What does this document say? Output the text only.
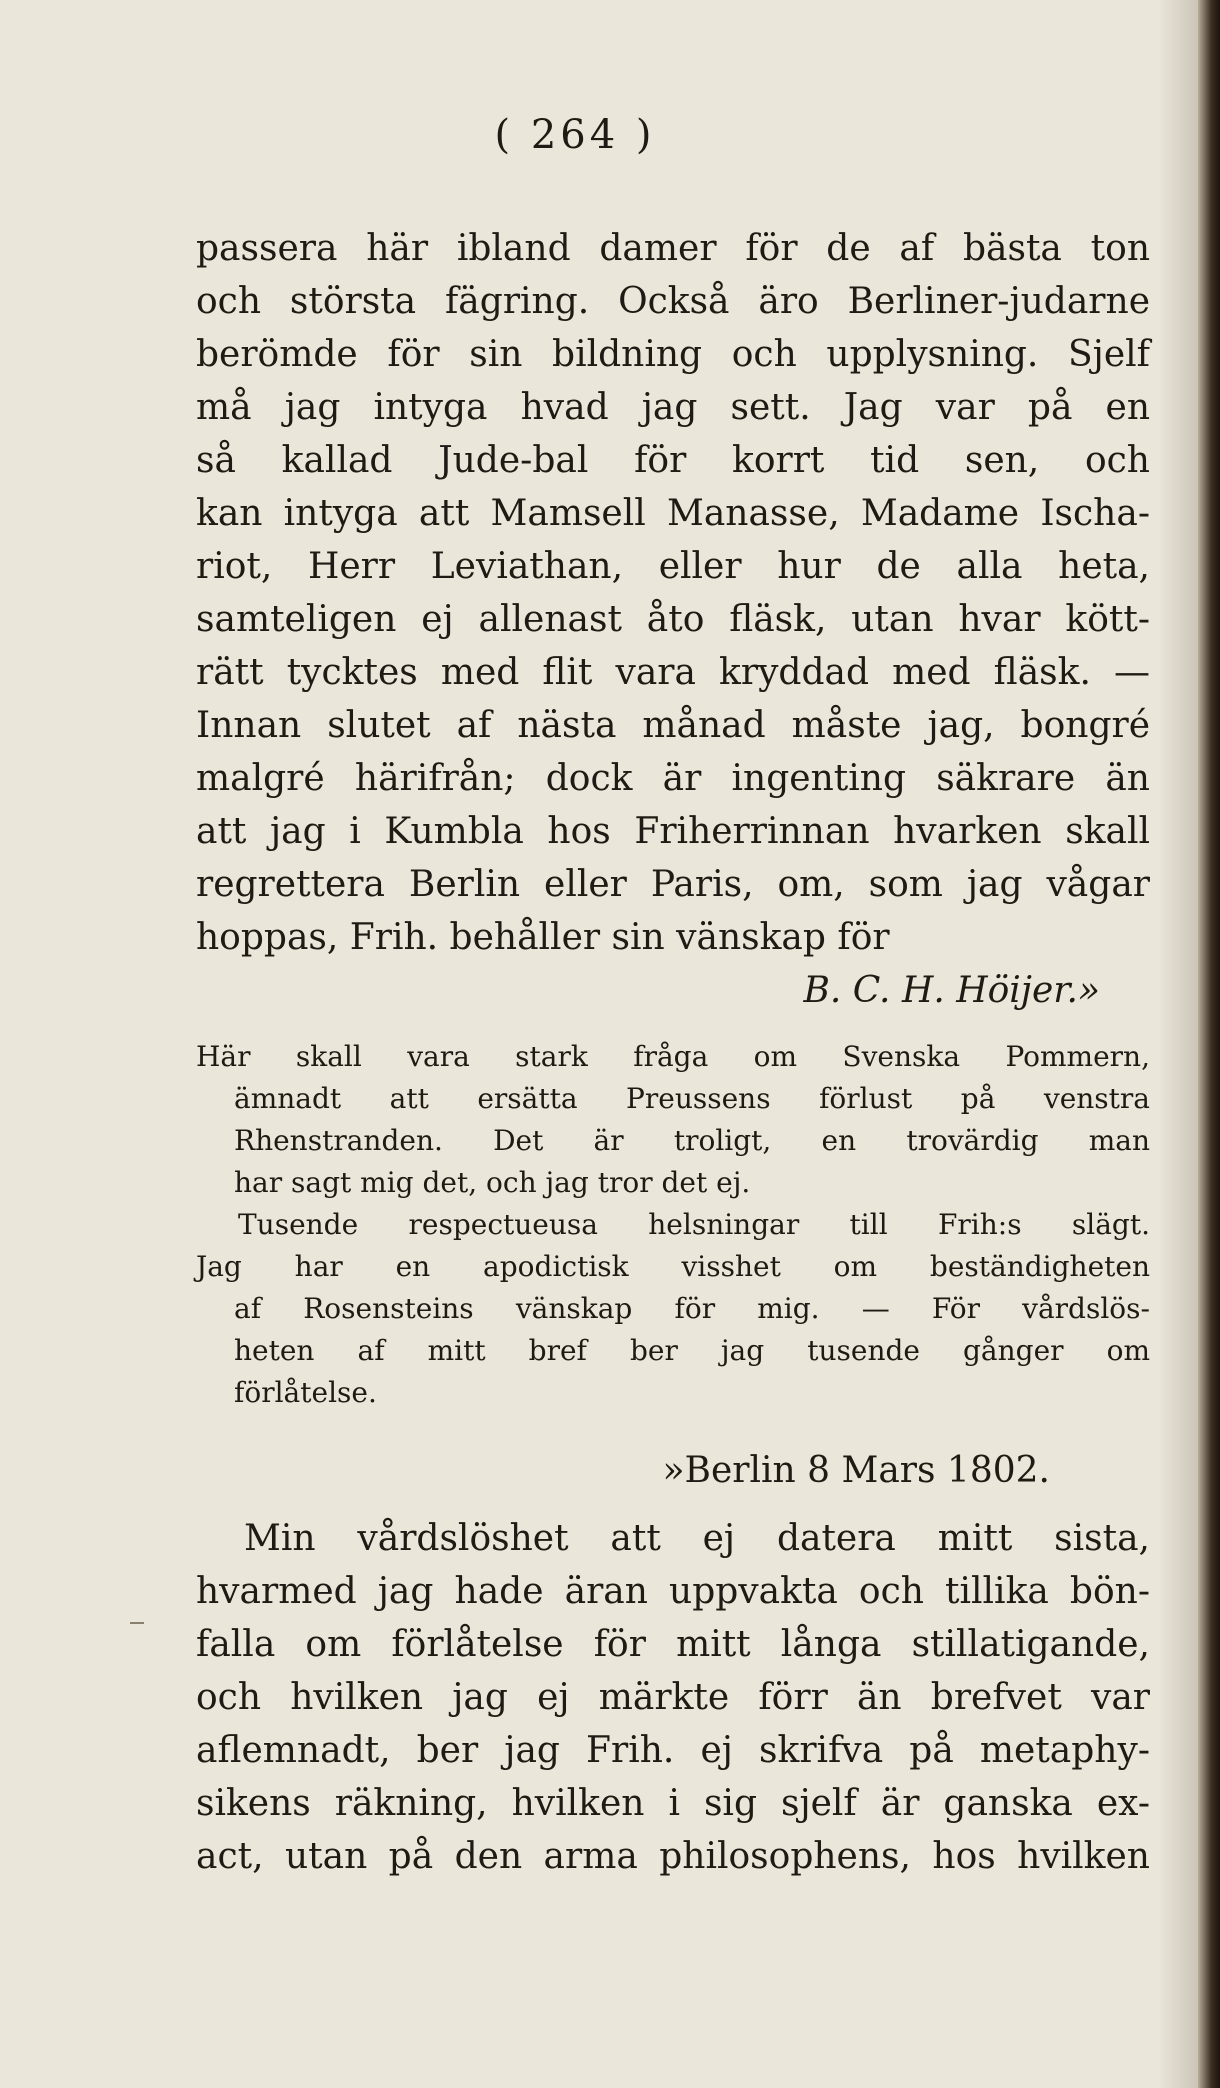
( 264 )
passera här ibland damer för de af bästa ton
och största fägring. Också äro Berliner-judarne
berömde för sin bildning och upplysning. Sjelf
må jag intyga hvad jag sett. Jag var på en
så kallad Jude-bal för korrt tid sen, och
kan intyga att Mamsell Manasse, Madame Ischa-
riot, Herr Leviathan, eller hur de alla heta,
samteligen ej allenast åto fläsk, utan hvar kött-
rätt tycktes med flit vara kryddad med fläsk. —
Innan slutet af nästa månad måste jag, bongré
malgré härifrån; dock är ingenting säkrare än
att jag i Kumbla hos Friherrinnan hvarken skall
regrettera Berlin eller Paris, om, som jag vågar
hoppas, Frih. behåller sin vänskap för
B. C. H. Höijer.»
Här skall vara stark fråga om Svenska Pommern,
ämnadt att ersätta Preussens förlust på venstra
Rhenstranden. Det är troligt, en trovärdig man
har sagt mig det, och jag tror det ej.
Tusende respectueusa helsningar till Frih:s slägt.
Jag har en apodictisk visshet om beständigheten
af Rosensteins vänskap för mig. — För vårdslös-
heten af mitt bref ber jag tusende gånger om
förlåtelse.
»Berlin 8 Mars 1802.
Min vårdslöshet att ej datera mitt sista,
hvarmed jag hade äran uppvakta och tillika bön-
falla om förlåtelse för mitt långa stillatigande,
och hvilken jag ej märkte förr än brefvet var
aflemnadt, ber jag Frih. ej skrifva på metaphy-
sikens räkning, hvilken i sig sjelf är ganska ex-
act, utan på den arma philosophens, hos hvilken
